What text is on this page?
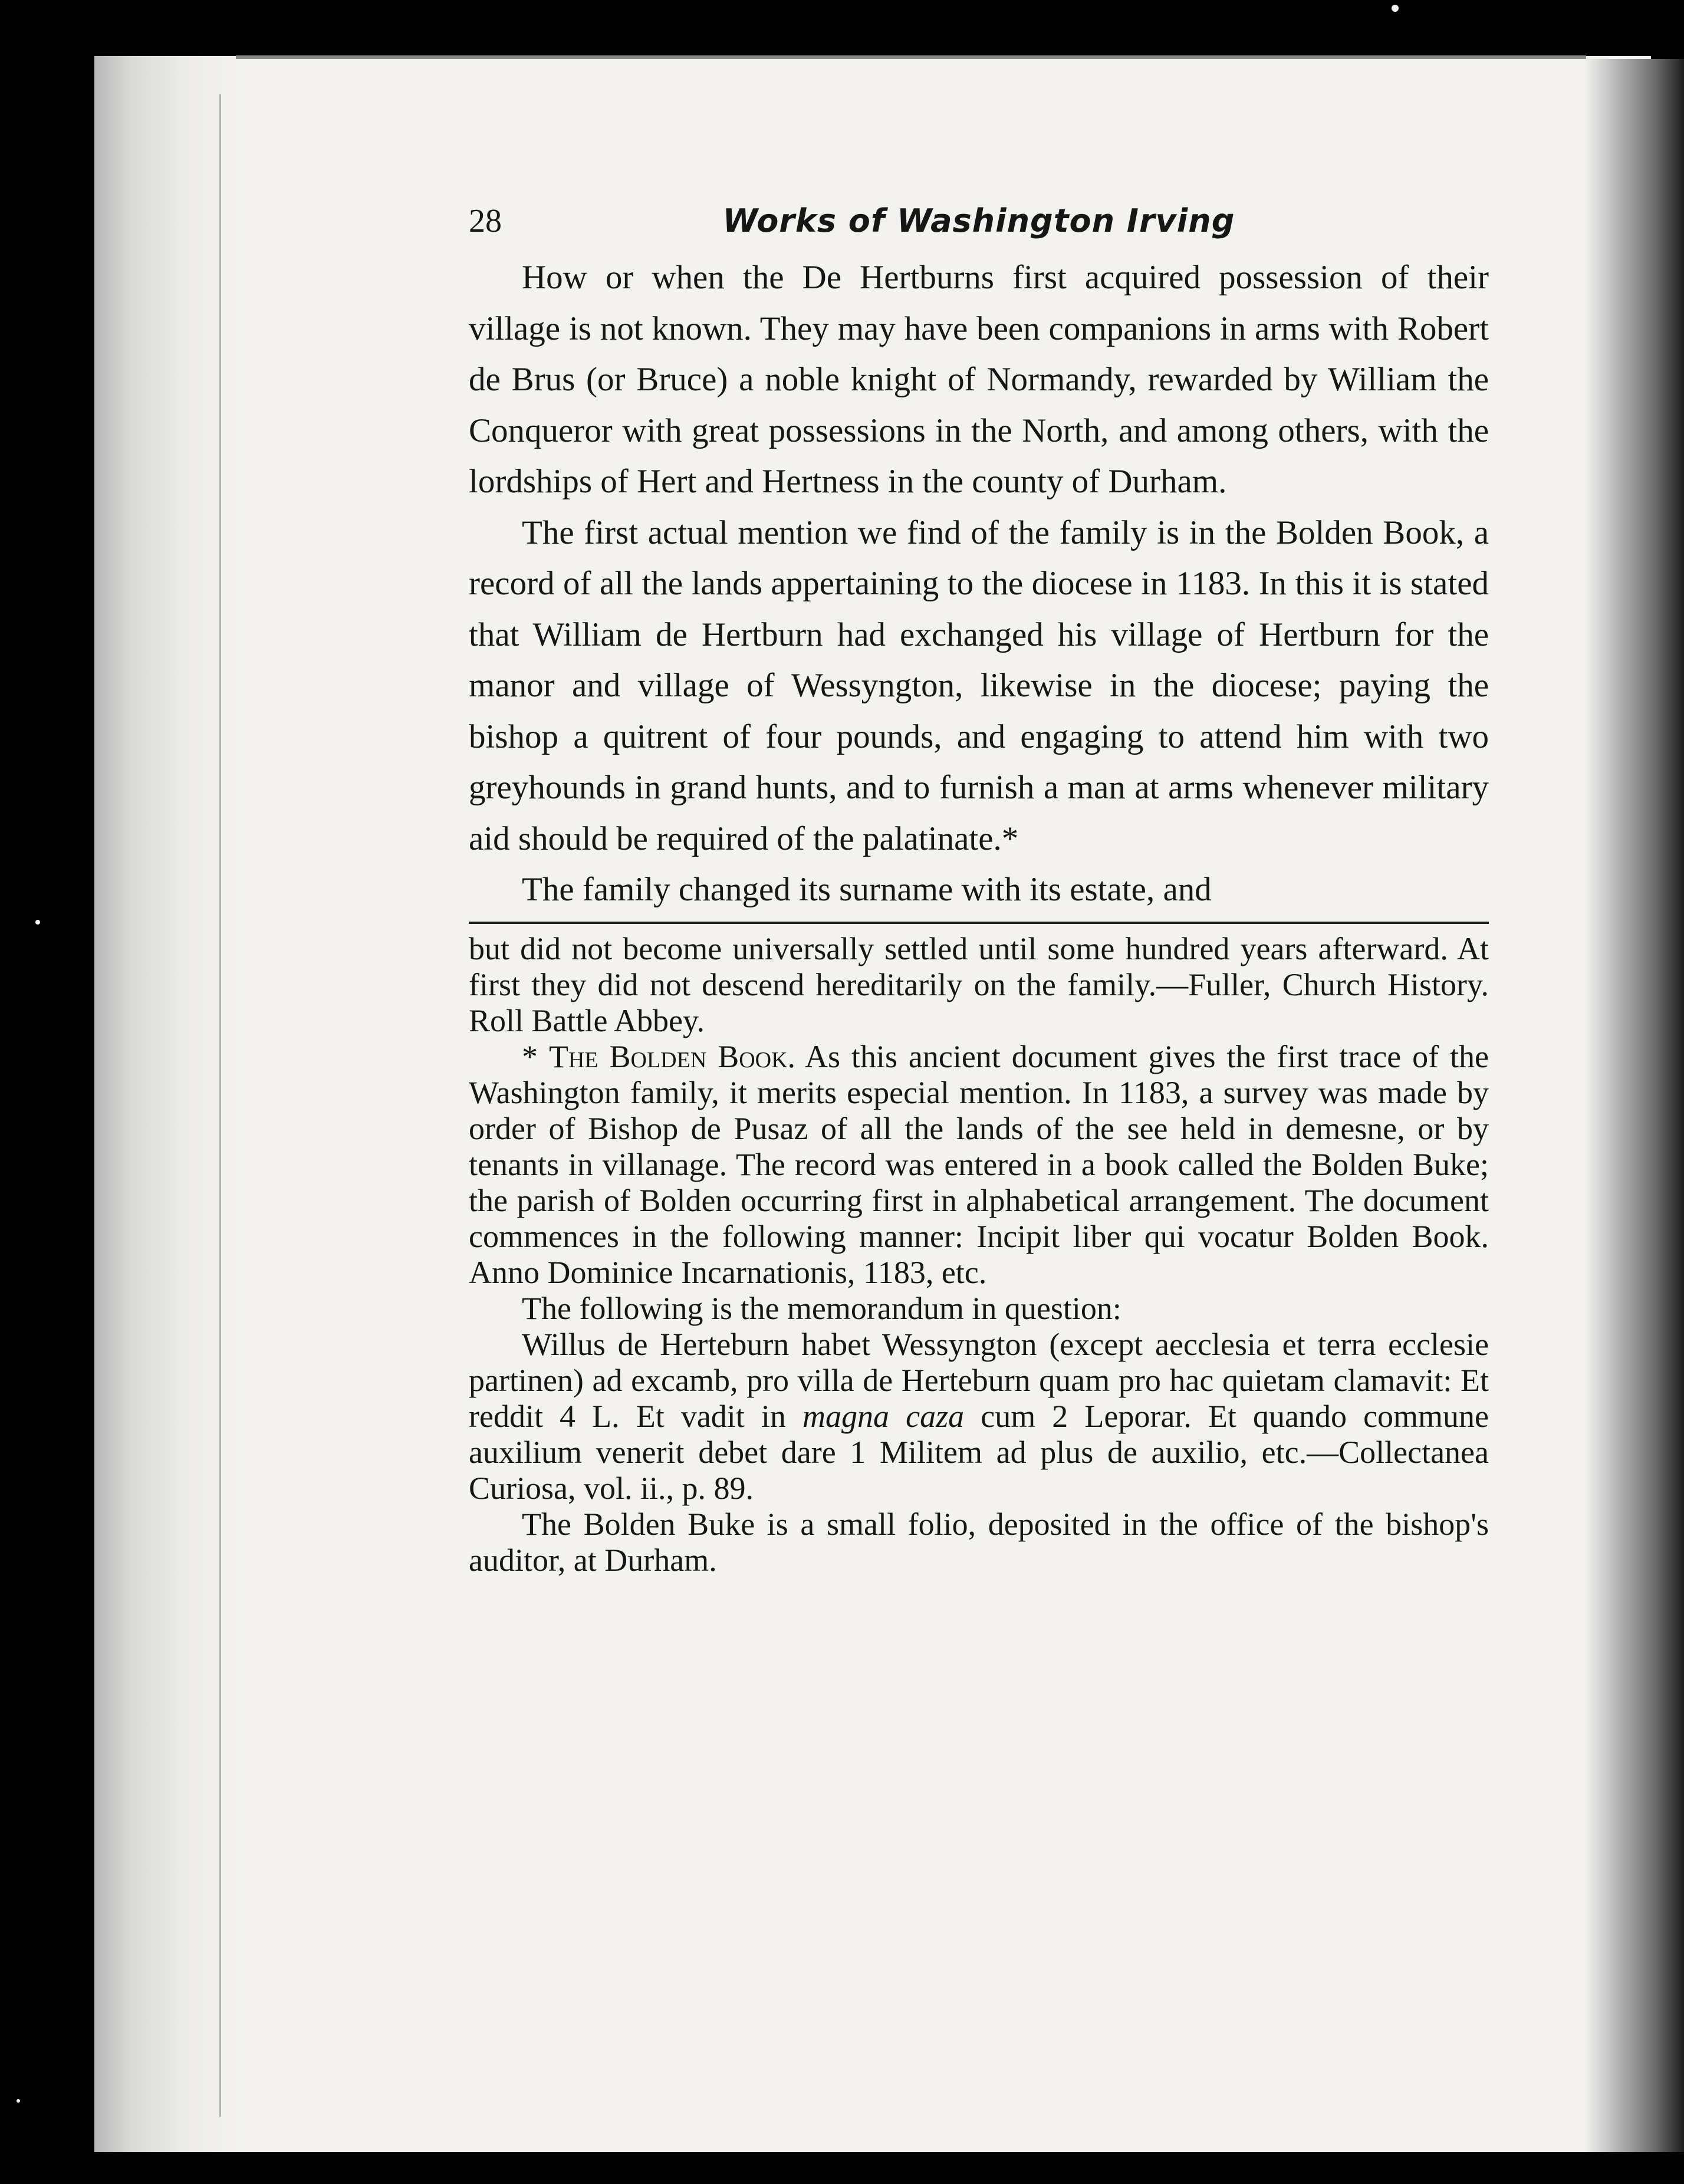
28	Works of Washington Irving

How or when the De Hertburns first acquired possession of their village is not known. They may have been companions in arms with Robert de Brus (or Bruce) a noble knight of Normandy, rewarded by William the Conqueror with great possessions in the North, and among others, with the lordships of Hert and Hertness in the county of Durham.

The first actual mention we find of the family is in the Bolden Book, a record of all the lands appertaining to the diocese in 1183. In this it is stated that William de Hertburn had exchanged his village of Hertburn for the manor and village of Wessyngton, likewise in the diocese; paying the bishop a quitrent of four pounds, and engaging to attend him with two greyhounds in grand hunts, and to furnish a man at arms whenever military aid should be required of the palatinate.*

The family changed its surname with its estate, and

but did not become universally settled until some hundred years afterward. At first they did not descend hereditarily on the family.—Fuller, Church History. Roll Battle Abbey.

* The Bolden Book. As this ancient document gives the first trace of the Washington family, it merits especial mention. In 1183, a survey was made by order of Bishop de Pusaz of all the lands of the see held in demesne, or by tenants in villanage. The record was entered in a book called the Bolden Buke; the parish of Bolden occurring first in alphabetical arrangement. The document commences in the following manner: Incipit liber qui vocatur Bolden Book. Anno Dominice Incarnationis, 1183, etc.

The following is the memorandum in question:

Willus de Herteburn habet Wessyngton (except aecclesia et terra ecclesie partinen) ad excamb, pro villa de Herteburn quam pro hac quietam clamavit: Et reddit 4 L. Et vadit in magna caza cum 2 Leporar. Et quando commune auxilium venerit debet dare 1 Militem ad plus de auxilio, etc.—Collectanea Curiosa, vol. ii., p. 89.

The Bolden Buke is a small folio, deposited in the office of the bishop's auditor, at Durham.
